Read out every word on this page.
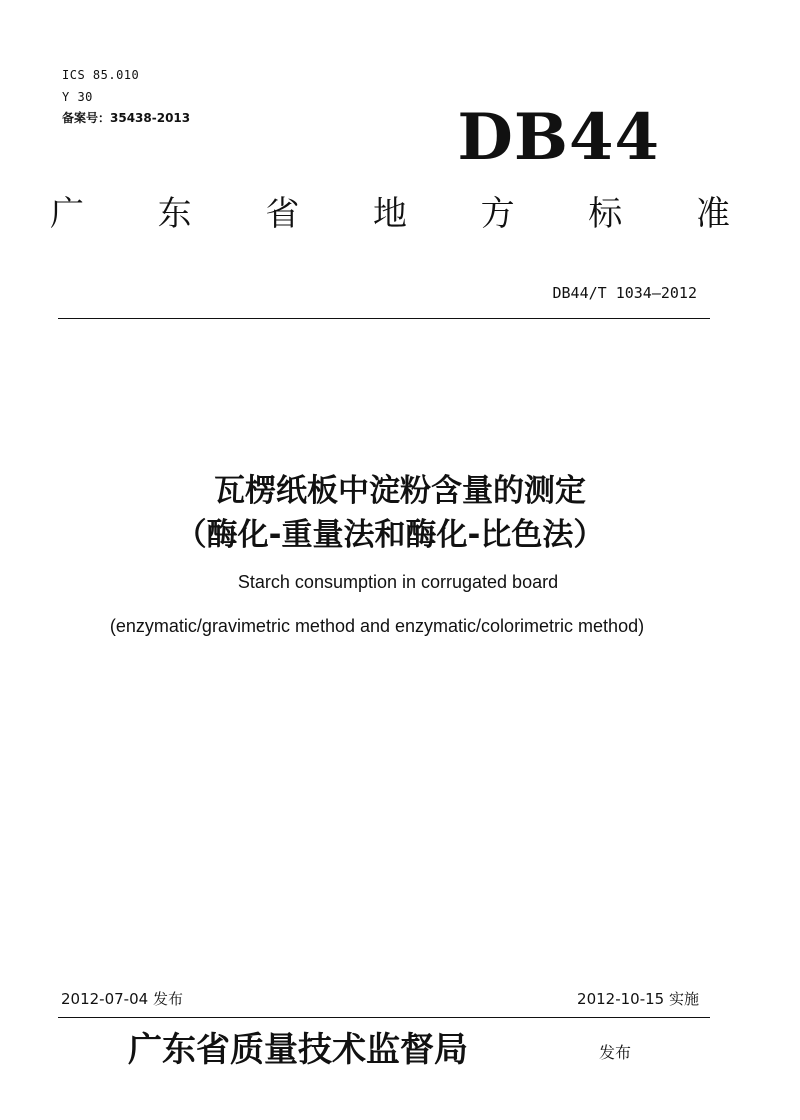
ICS 85.010
Y 30
备案号：35438-2013	DB44
广 东 省 地 方 标 准
DB44/T 1034—2012
瓦楞纸板中淀粉含量的测定
（酶化-重量法和酶化-比色法）
Starch consumption in corrugated board
(enzymatic/gravimetric method and enzymatic/colorimetric method)
2012-07-04 发布	2012-10-15 实施
广东省质量技术监督局	发布
